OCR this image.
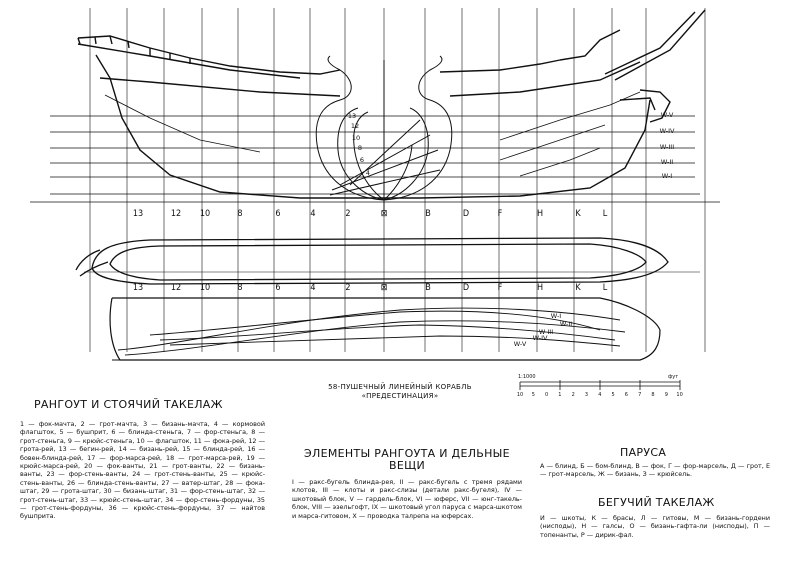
13	12 10	8	6	4	2	⊠	B	D	F	H	K L
13	12 10	8	6	4	2	⊠	B	D	F	H	K L
13
12
10
8
6
4
W-V
W-IV
W-III
W-II
W-I
W-I
W-II
W-III
W-IV
W-V
1:1000	фут
10 5 0 1 2 3 4 5 6 7 8 9 10
58-ПУШЕЧНЫЙ ЛИНЕЙНЫЙ КОРАБЛЬ
«ПРЕДЕСТИНАЦИЯ»
РАНГОУТ И СТОЯЧИЙ ТАКЕЛАЖ
1 — фок-мачта, 2 — грот-мачта, 3 — бизань-мачта, 4 — кормовой флагшток, 5 — бушприт, 6 — блинда-стеньга, 7 — фор-стеньга, 8 — грот-стеньга, 9 — крюйс-стеньга, 10 — флагшток, 11 — фока-рей, 12 — грота-рей, 13 — бегин-рей, 14 — бизань-рей, 15 — блинда-рей, 16 — бовен-блинда-рей, 17 — фор-марса-рей, 18 — грот-марса-рей, 19 — крюйс-марса-рей, 20 — фок-ванты, 21 — грот-ванты, 22 — бизань-ванты, 23 — фор-стень-ванты, 24 — грот-стень-ванты, 25 — крюйс-стень-ванты, 26 — блинда-стень-ванты, 27 — ватер-штаг, 28 — фока-штаг, 29 — грота-штаг, 30 — бизань-штаг, 31 — фор-стень-штаг, 32 — грот-стень-штаг, 33 — крюйс-стень-штаг, 34 — фор-стень-фордуны, 35 — грот-стень-фордуны, 36 — крюйс-стень-фордуны, 37 — найтов бушприта.
ЭЛЕМЕНТЫ РАНГОУТА И ДЕЛЬНЫЕ
ВЕЩИ
I — ракс-бугель блинда-рея, II — ракс-бугель с тремя рядами клотов, III — клоты и ракс-слизы (детали ракс-бугеля), IV — шкотовый блок, V — гардель-блок, VI — юферс, VII — юнг-такель-блок, VIII — эзельгофт, IX — шкотовый угол паруса с марса-шкотом и марса-гитовом, X — проводка талрепа на юферсах.
ПАРУСА
А — блинд, Б — бом-блинд, В — фок, Г — фор-марсель, Д — грот, Е — грот-марсель, Ж — бизань, З — крюйсель.
БЕГУЧИЙ ТАКЕЛАЖ
И — шкоты, К — брасы, Л — гитовы, М — бизань-гордени (нисподы), Н — галсы, О — бизань-гафта-ли (нисподы), П — топенанты, Р — дирик-фал.
